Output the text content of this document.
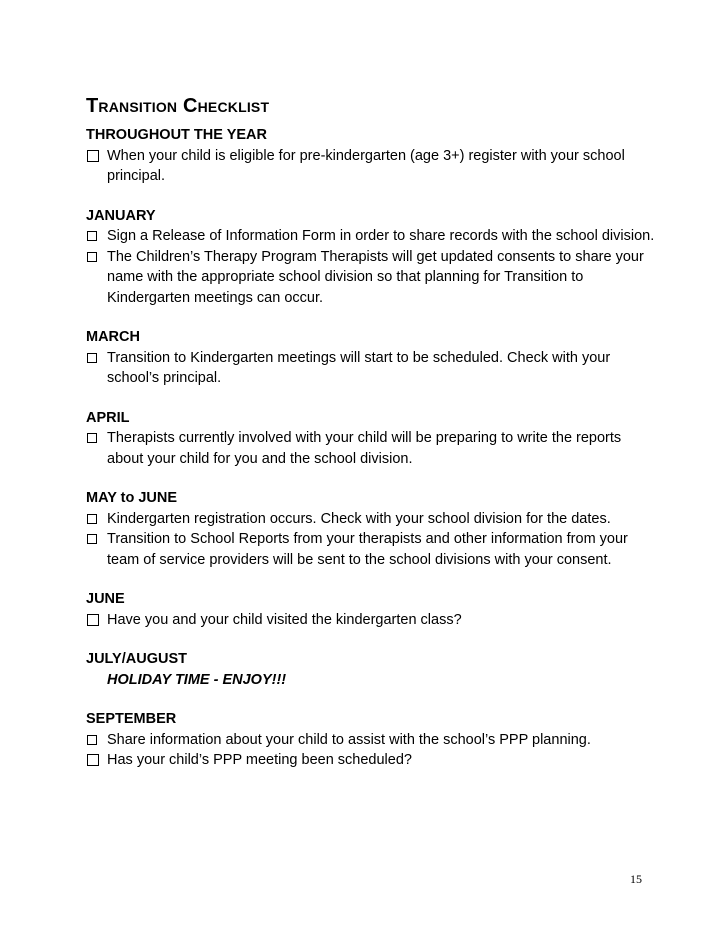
Transition Checklist
THROUGHOUT THE YEAR
When your child is eligible for pre-kindergarten (age 3+) register with your school principal.
JANUARY
Sign a Release of Information Form in order to share records with the school division.
The Children’s Therapy Program Therapists will get updated consents to share your name with the appropriate school division so that planning for Transition to Kindergarten meetings can occur.
MARCH
Transition to Kindergarten meetings will start to be scheduled. Check with your school’s principal.
APRIL
Therapists currently involved with your child will be preparing to write the reports about your child for you and the school division.
MAY to JUNE
Kindergarten registration occurs. Check with your school division for the dates.
Transition to School Reports from your therapists and other information from your team of service providers will be sent to the school divisions with your consent.
JUNE
Have you and your child visited the kindergarten class?
JULY/AUGUST
HOLIDAY TIME - ENJOY!!!
SEPTEMBER
Share information about your child to assist with the school’s PPP planning.
Has your child’s PPP meeting been scheduled?
15
